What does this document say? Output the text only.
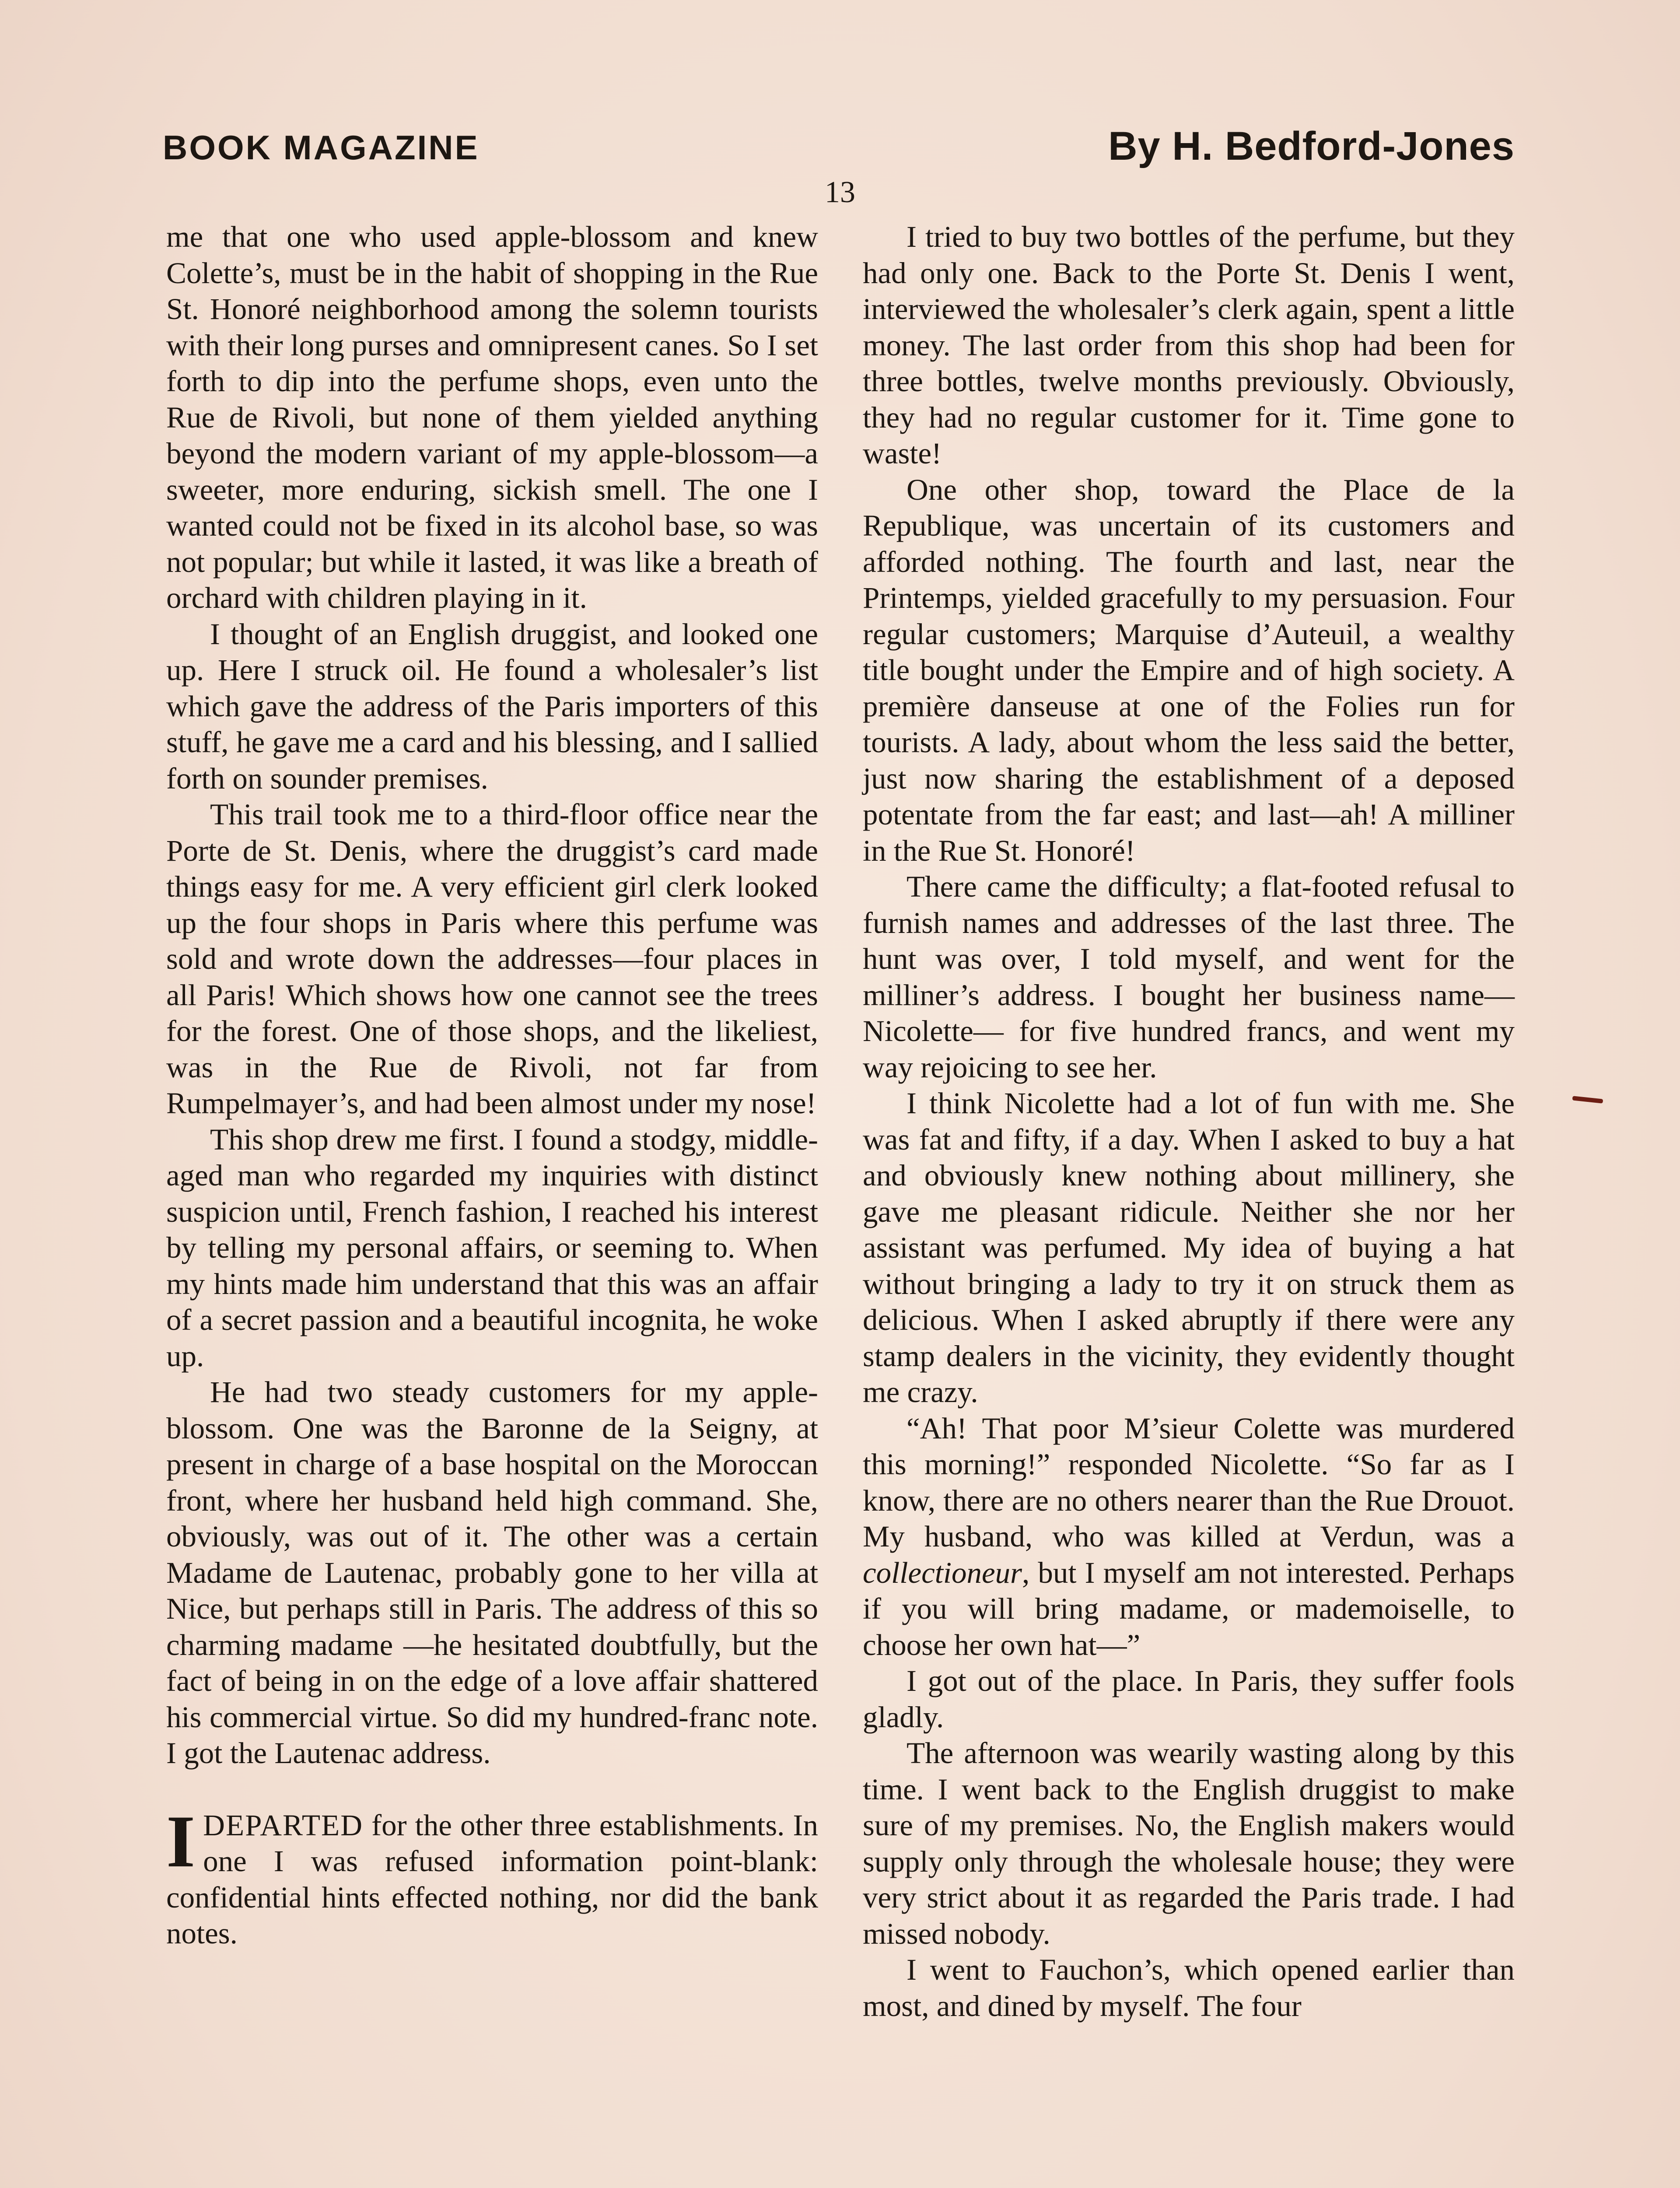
BOOK MAGAZINE	By H. Bedford-Jones
13

me that one who used apple-blossom and knew Colette’s, must be in the habit of shopping in the Rue St. Honoré neighborhood among the solemn tourists with their long purses and omnipresent canes. So I set forth to dip into the perfume shops, even unto the Rue de Rivoli, but none of them yielded anything beyond the modern variant of my apple-blossom—a sweeter, more enduring, sickish smell. The one I wanted could not be fixed in its alcohol base, so was not popular; but while it lasted, it was like a breath of orchard with children playing in it.

I thought of an English druggist, and looked one up. Here I struck oil. He found a wholesaler’s list which gave the address of the Paris importers of this stuff, he gave me a card and his blessing, and I sallied forth on sounder premises.

This trail took me to a third-floor office near the Porte de St. Denis, where the druggist’s card made things easy for me. A very efficient girl clerk looked up the four shops in Paris where this perfume was sold and wrote down the addresses—four places in all Paris! Which shows how one cannot see the trees for the forest. One of those shops, and the likeliest, was in the Rue de Rivoli, not far from Rumpelmayer’s, and had been almost under my nose!

This shop drew me first. I found a stodgy, middle-aged man who regarded my inquiries with distinct suspicion until, French fashion, I reached his interest by telling my personal affairs, or seeming to. When my hints made him understand that this was an affair of a secret passion and a beautiful incognita, he woke up.

He had two steady customers for my apple-blossom. One was the Baronne de la Seigny, at present in charge of a base hospital on the Moroccan front, where her husband held high command. She, obviously, was out of it. The other was a certain Madame de Lautenac, probably gone to her villa at Nice, but perhaps still in Paris. The address of this so charming madame —he hesitated doubtfully, but the fact of being in on the edge of a love affair shattered his commercial virtue. So did my hundred-franc note. I got the Lautenac address.

IDEPARTED for the other three establishments. In one I was refused information point-blank: confidential hints effected nothing, nor did the bank notes.

I tried to buy two bottles of the perfume, but they had only one. Back to the Porte St. Denis I went, interviewed the wholesaler’s clerk again, spent a little money. The last order from this shop had been for three bottles, twelve months previously. Obviously, they had no regular customer for it. Time gone to waste!

One other shop, toward the Place de la Republique, was uncertain of its customers and afforded nothing. The fourth and last, near the Printemps, yielded gracefully to my persuasion. Four regular customers; Marquise d’Auteuil, a wealthy title bought under the Empire and of high society. A première danseuse at one of the Folies run for tourists. A lady, about whom the less said the better, just now sharing the establishment of a deposed potentate from the far east; and last—ah! A milliner in the Rue St. Honoré!

There came the difficulty; a flat-footed refusal to furnish names and addresses of the last three. The hunt was over, I told myself, and went for the milliner’s address. I bought her business name—Nicolette— for five hundred francs, and went my way rejoicing to see her.

I think Nicolette had a lot of fun with me. She was fat and fifty, if a day. When I asked to buy a hat and obviously knew nothing about millinery, she gave me pleasant ridicule. Neither she nor her assistant was perfumed. My idea of buying a hat without bringing a lady to try it on struck them as delicious. When I asked abruptly if there were any stamp dealers in the vicinity, they evidently thought me crazy.

“Ah! That poor M’sieur Colette was murdered this morning!” responded Nicolette. “So far as I know, there are no others nearer than the Rue Drouot. My husband, who was killed at Verdun, was a collectioneur, but I myself am not interested. Perhaps if you will bring madame, or mademoiselle, to choose her own hat—”

I got out of the place. In Paris, they suffer fools gladly.

The afternoon was wearily wasting along by this time. I went back to the English druggist to make sure of my premises. No, the English makers would supply only through the wholesale house; they were very strict about it as regarded the Paris trade. I had missed nobody.

I went to Fauchon’s, which opened earlier than most, and dined by myself. The four
